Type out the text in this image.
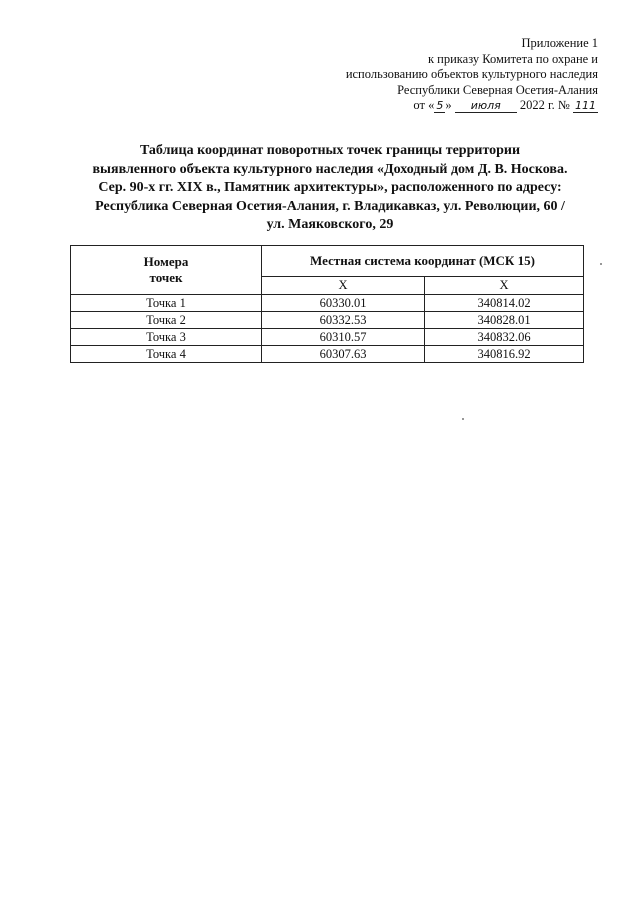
Приложение 1
к приказу Комитета по охране и
использованию объектов культурного наследия
Республики Северная Осетия-Алания
от « 5 » июля 2022 г. № 111
Таблица координат поворотных точек границы территории
выявленного объекта культурного наследия «Доходный дом Д. В. Носкова.
Сер. 90-х гг. XIX в., Памятник архитектуры», расположенного по адресу:
Республика Северная Осетия-Алания, г. Владикавказ, ул. Революции, 60 /
ул. Маяковского, 29
Номера точек	Местная система координат (МСК 15)	
	X	X
Точка 1	60330.01	340814.02
Точка 2	60332.53	340828.01
Точка 3	60310.57	340832.06
Точка 4	60307.63	340816.92
